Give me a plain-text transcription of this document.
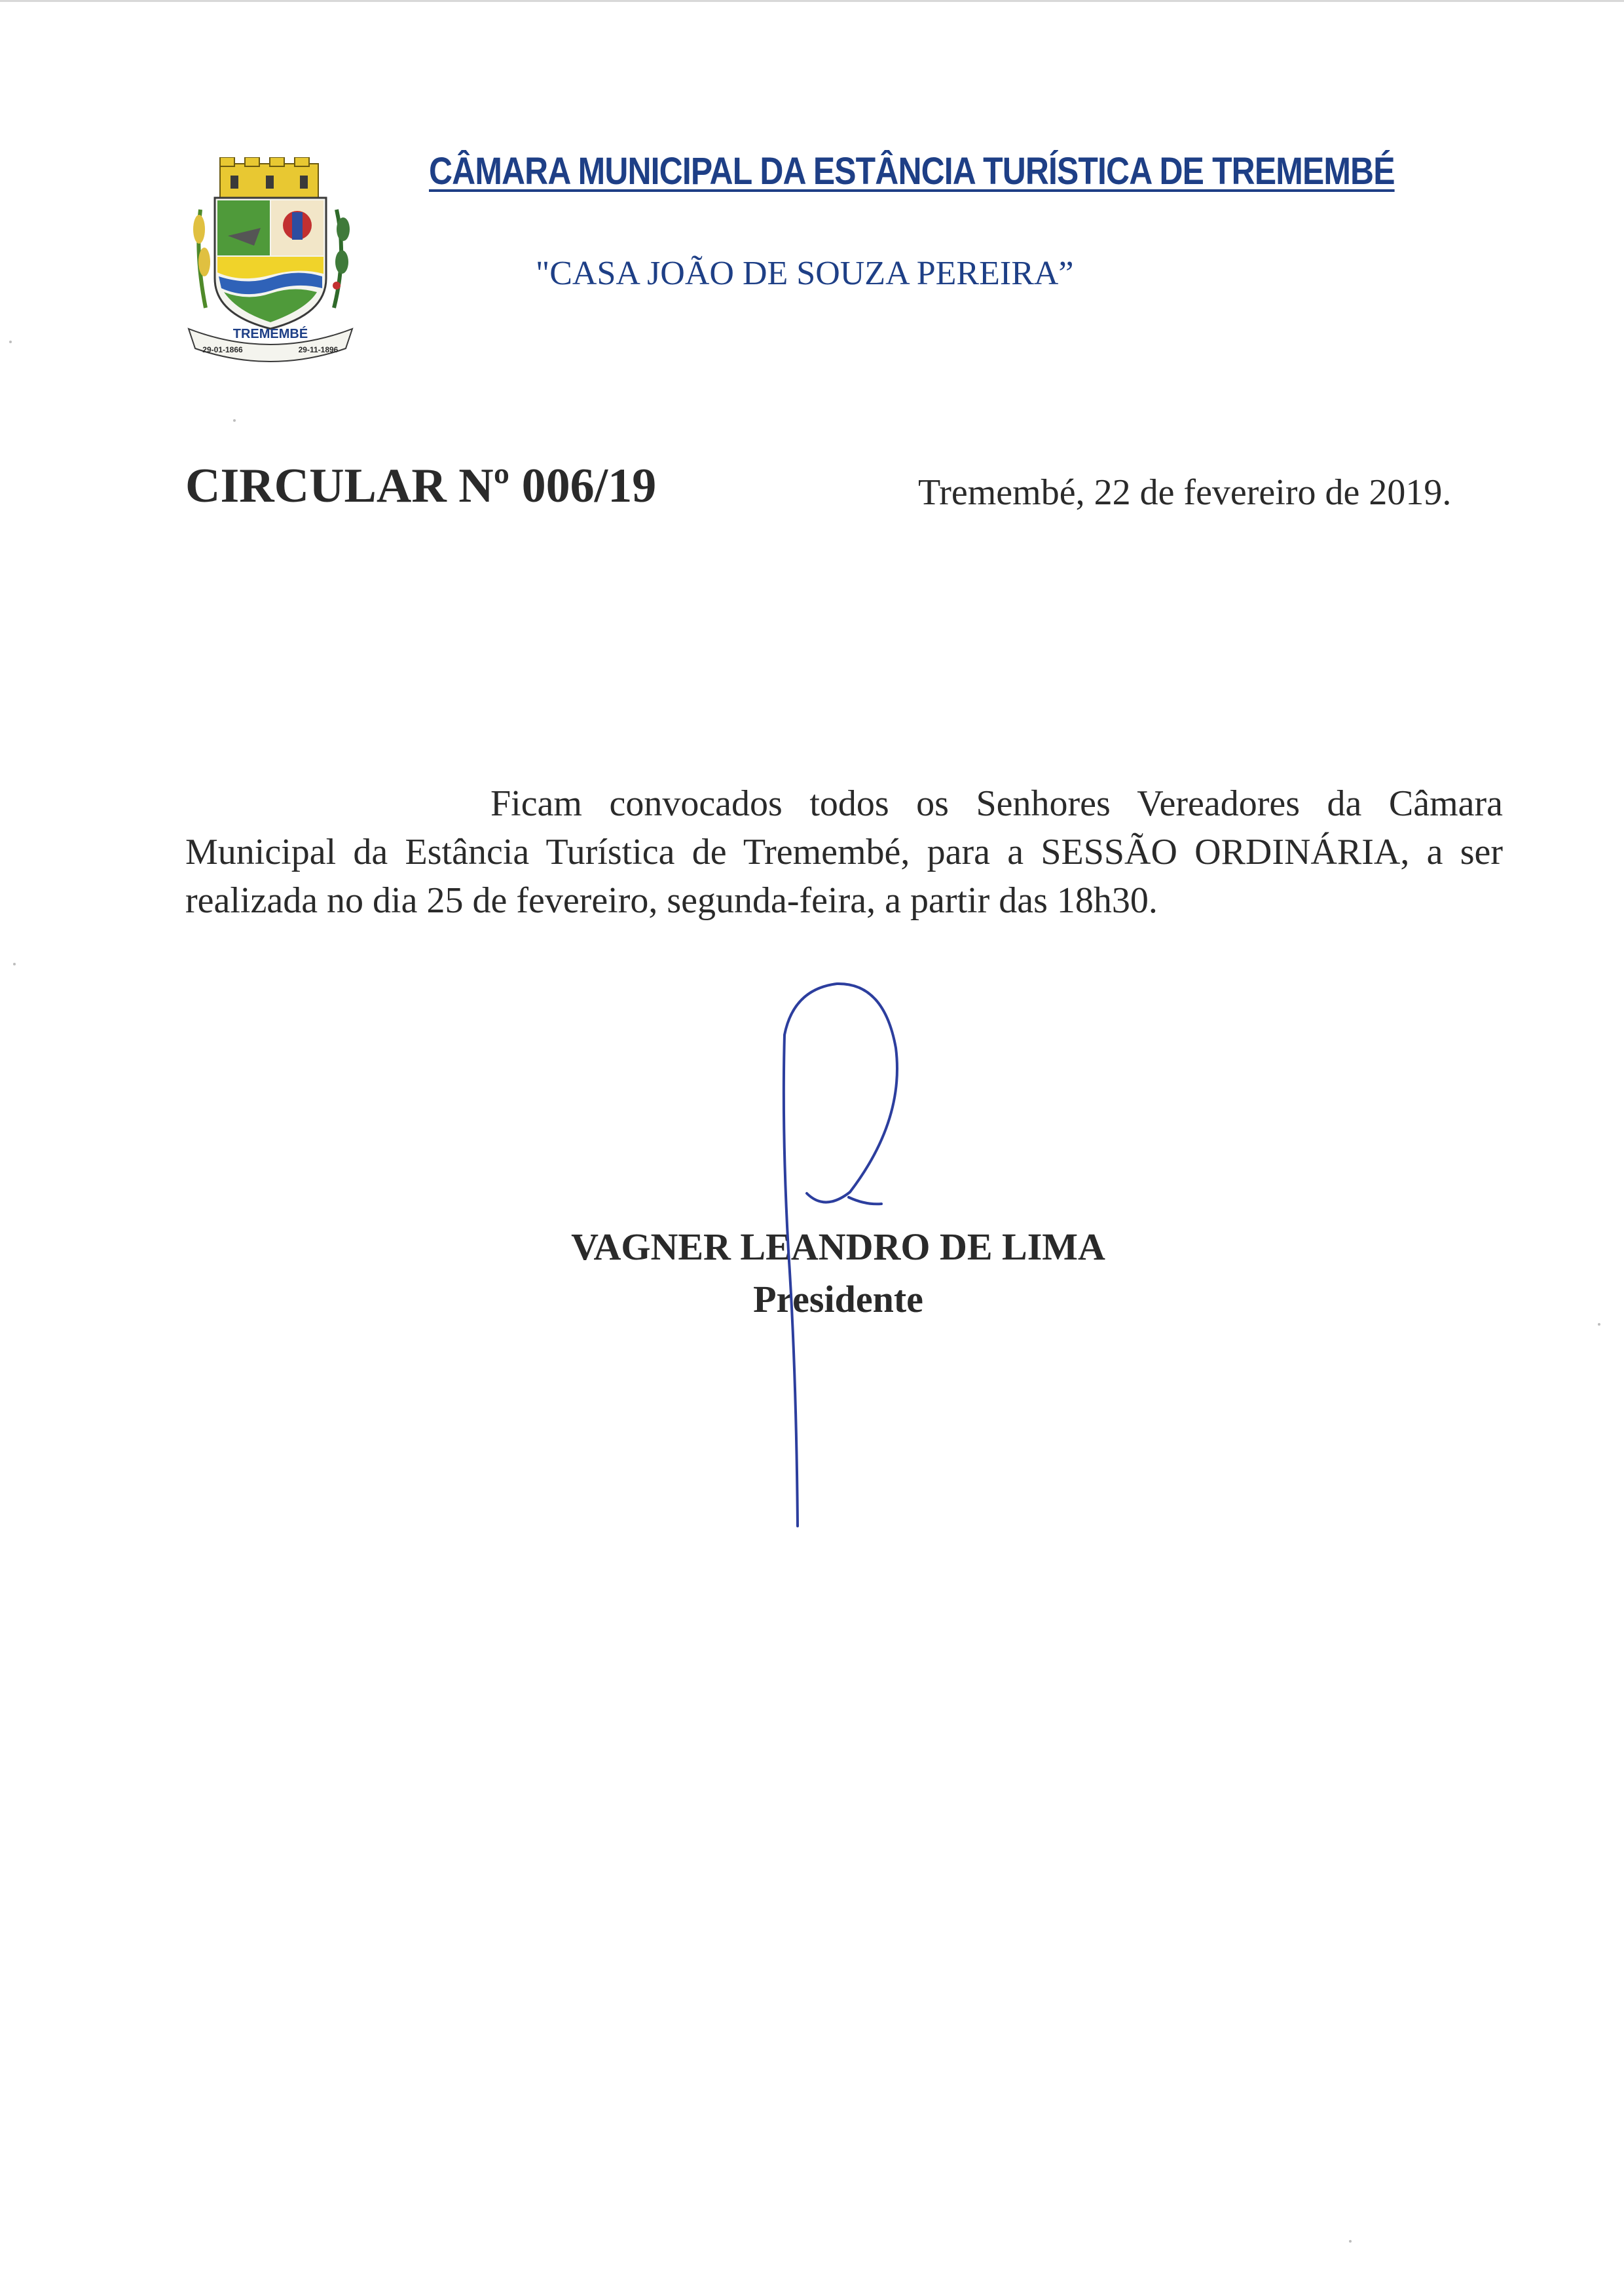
TREMEMBÉ
29-01-1866	29-11-1896
CÂMARA MUNICIPAL DA ESTÂNCIA TURÍSTICA DE TREMEMBÉ
"CASA JOÃO DE SOUZA PEREIRA”
CIRCULAR Nº 006/19	Tremembé, 22 de fevereiro de 2019.
Ficam convocados todos os Senhores Vereadores da Câmara Municipal da Estância Turística de Tremembé, para a SESSÃO ORDINÁRIA, a ser realizada no dia 25 de fevereiro, segunda-feira, a partir das 18h30.
VAGNER LEANDRO DE LIMA
Presidente
